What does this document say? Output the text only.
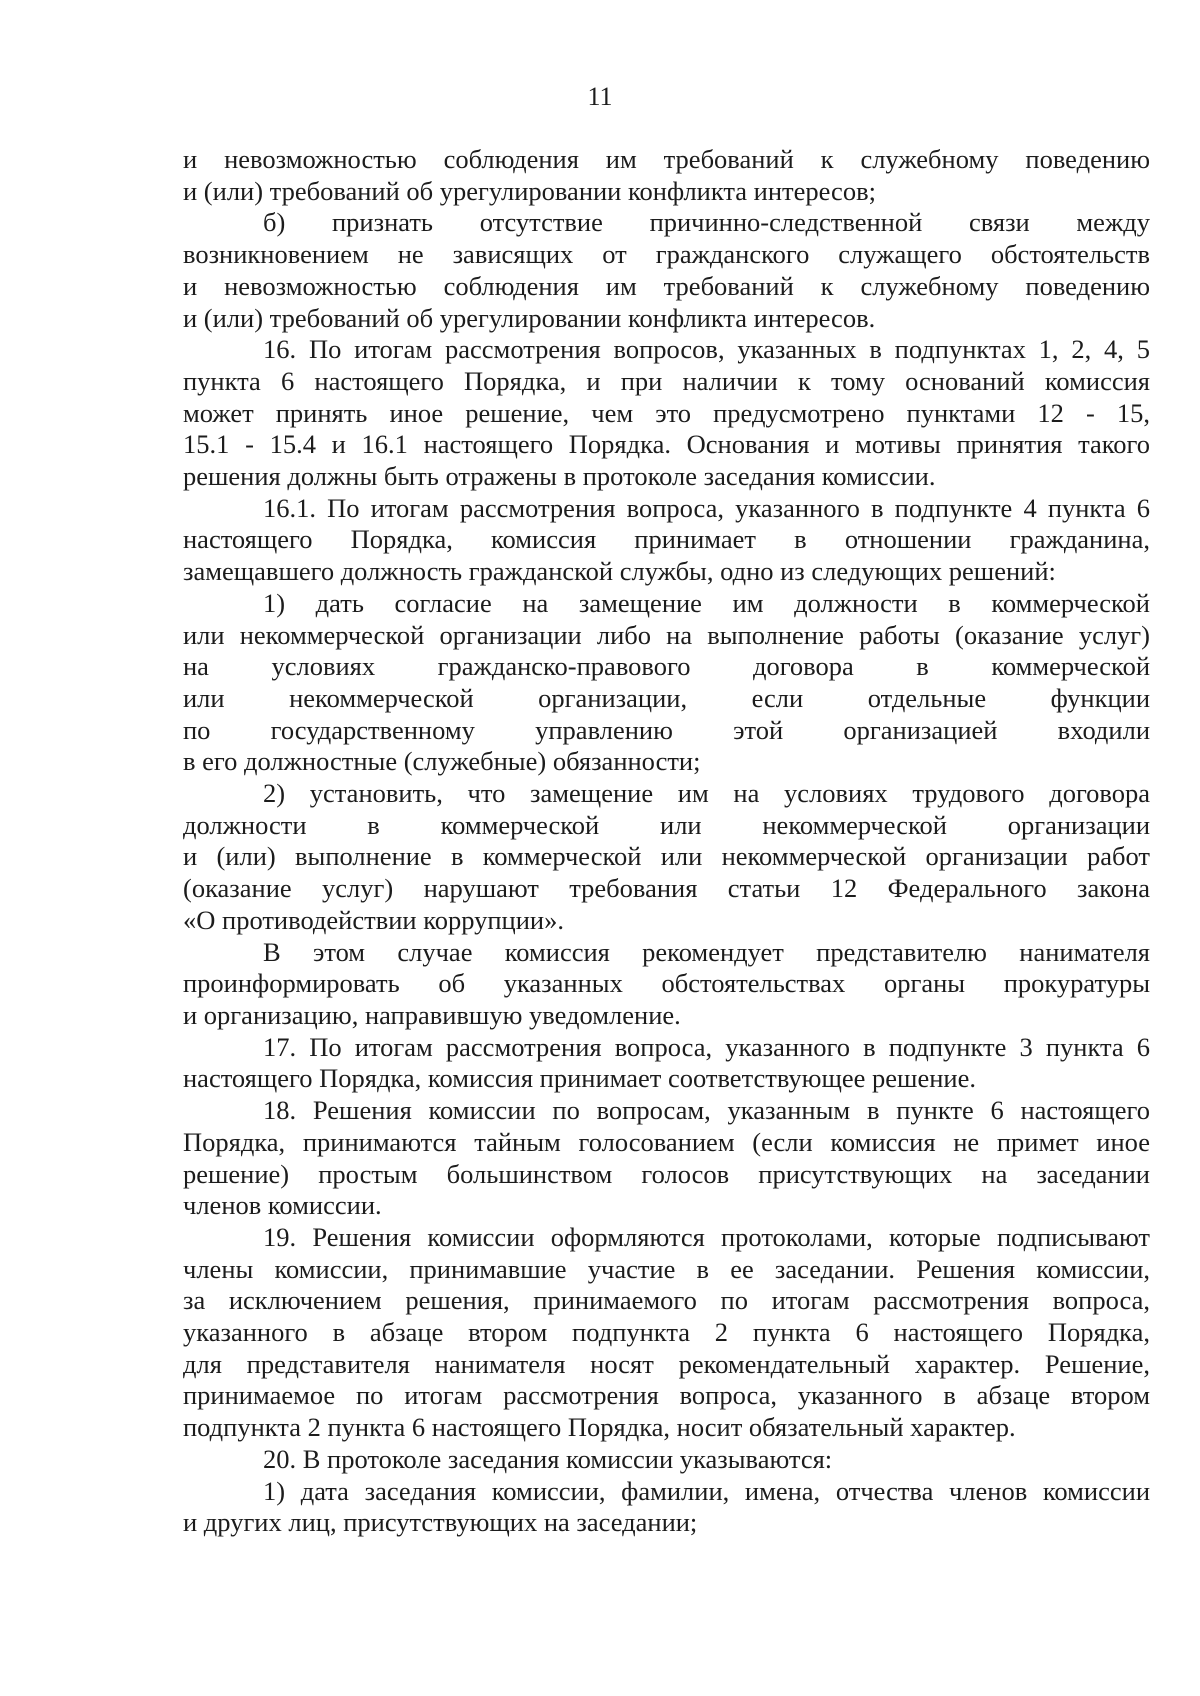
11
и невозможностью соблюдения им требований к служебному поведению
и (или) требований об урегулировании конфликта интересов;
б) признать отсутствие причинно-следственной связи между
возникновением не зависящих от гражданского служащего обстоятельств
и невозможностью соблюдения им требований к служебному поведению
и (или) требований об урегулировании конфликта интересов.
16. По итогам рассмотрения вопросов, указанных в подпунктах 1, 2, 4, 5
пункта 6 настоящего Порядка, и при наличии к тому оснований комиссия
может принять иное решение, чем это предусмотрено пунктами 12 - 15,
15.1 - 15.4 и 16.1 настоящего Порядка. Основания и мотивы принятия такого
решения должны быть отражены в протоколе заседания комиссии.
16.1. По итогам рассмотрения вопроса, указанного в подпункте 4 пункта 6
настоящего Порядка, комиссия принимает в отношении гражданина,
замещавшего должность гражданской службы, одно из следующих решений:
1) дать согласие на замещение им должности в коммерческой
или некоммерческой организации либо на выполнение работы (оказание услуг)
на условиях гражданско-правового договора в коммерческой
или некоммерческой организации, если отдельные функции
по государственному управлению этой организацией входили
в его должностные (служебные) обязанности;
2) установить, что замещение им на условиях трудового договора
должности в коммерческой или некоммерческой организации
и (или) выполнение в коммерческой или некоммерческой организации работ
(оказание услуг) нарушают требования статьи 12 Федерального закона
«О противодействии коррупции».
В этом случае комиссия рекомендует представителю нанимателя
проинформировать об указанных обстоятельствах органы прокуратуры
и организацию, направившую уведомление.
17. По итогам рассмотрения вопроса, указанного в подпункте 3 пункта 6
настоящего Порядка, комиссия принимает соответствующее решение.
18. Решения комиссии по вопросам, указанным в пункте 6 настоящего
Порядка, принимаются тайным голосованием (если комиссия не примет иное
решение) простым большинством голосов присутствующих на заседании
членов комиссии.
19. Решения комиссии оформляются протоколами, которые подписывают
члены комиссии, принимавшие участие в ее заседании. Решения комиссии,
за исключением решения, принимаемого по итогам рассмотрения вопроса,
указанного в абзаце втором подпункта 2 пункта 6 настоящего Порядка,
для представителя нанимателя носят рекомендательный характер. Решение,
принимаемое по итогам рассмотрения вопроса, указанного в абзаце втором
подпункта 2 пункта 6 настоящего Порядка, носит обязательный характер.
20. В протоколе заседания комиссии указываются:
1) дата заседания комиссии, фамилии, имена, отчества членов комиссии
и других лиц, присутствующих на заседании;
